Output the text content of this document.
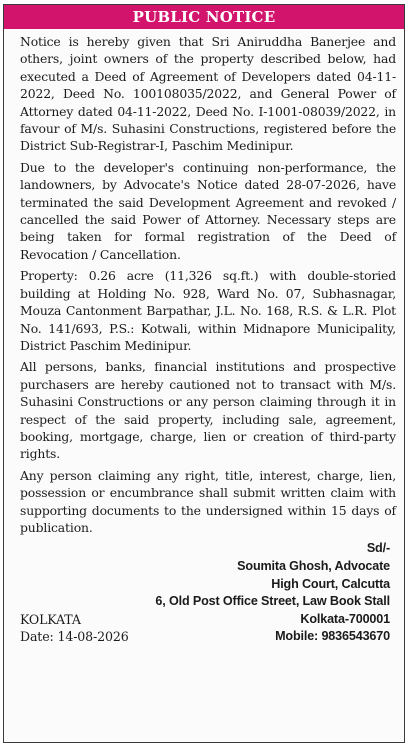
PUBLIC NOTICE

Notice is hereby given that Sri Aniruddha Banerjee and others, joint owners of the property described below, had executed a Deed of Agreement of Developers dated 04-11-2022, Deed No. 100108035/2022, and General Power of Attorney dated 04-11-2022, Deed No. I-1001-08039/2022, in favour of M/s. Suhasini Constructions, registered before the District Sub-Registrar-I, Paschim Medinipur.

Due to the developer's continuing non-performance, the landowners, by Advocate's Notice dated 28-07-2026, have terminated the said Development Agreement and revoked / cancelled the said Power of Attorney. Necessary steps are being taken for formal registration of the Deed of Revocation / Cancellation.

Property: 0.26 acre (11,326 sq.ft.) with double-storied building at Holding No. 928, Ward No. 07, Subhasnagar, Mouza Cantonment Barpathar, J.L. No. 168, R.S. & L.R. Plot No. 141/693, P.S.: Kotwali, within Midnapore Municipality, District Paschim Medinipur.

All persons, banks, financial institutions and prospective purchasers are hereby cautioned not to transact with M/s. Suhasini Constructions or any person claiming through it in respect of the said property, including sale, agreement, booking, mortgage, charge, lien or creation of third-party rights.

Any person claiming any right, title, interest, charge, lien, possession or encumbrance shall submit written claim with supporting documents to the undersigned within 15 days of publication.

Sd/-
Soumita Ghosh, Advocate
High Court, Calcutta
6, Old Post Office Street, Law Book Stall
KOLKATA	Kolkata-700001
Date: 14-08-2026	Mobile: 9836543670
